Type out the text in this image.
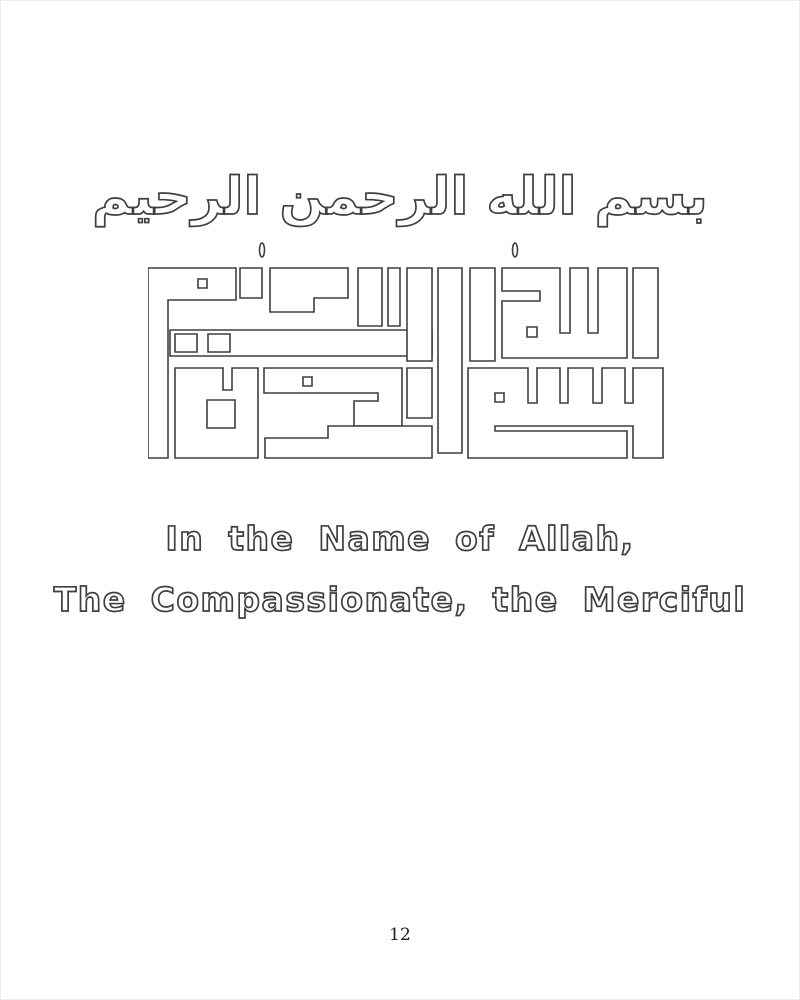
بسم الله الرحمن الرحيم
In the Name of Allah,
The Compassionate, the Merciful
12
